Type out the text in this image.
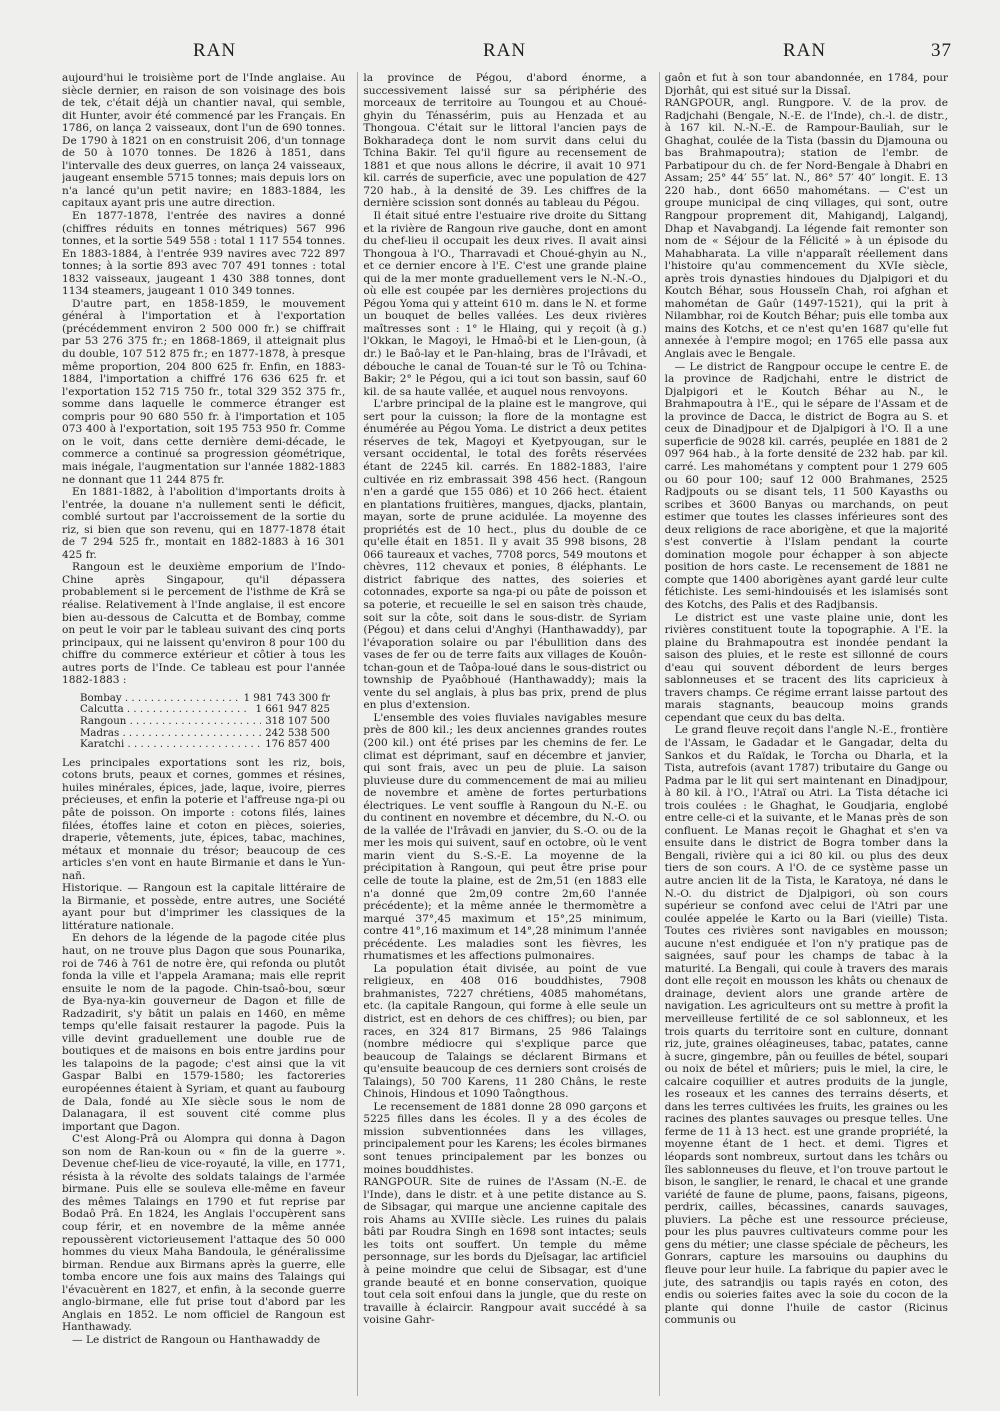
RAN	RAN	RAN	37

aujourd'hui le troisième port de l'Inde anglaise. Au siècle dernier, en raison de son voisinage des bois de tek, c'était déjà un chantier naval, qui semble, dit Hunter, avoir été commencé par les Français. En 1786, on lança 2 vaisseaux, dont l'un de 690 tonnes. De 1790 à 1821 on en construisit 206, d'un tonnage de 50 à 1070 tonnes. De 1826 à 1851, dans l'intervalle des deux guerres, on lança 24 vaisseaux, jaugeant ensemble 5715 tonnes; mais depuis lors on n'a lancé qu'un petit navire; en 1883-1884, les capitaux ayant pris une autre direction.

En 1877-1878, l'entrée des navires a donné (chiffres réduits en tonnes métriques) 567 996 tonnes, et la sortie 549 558 : total 1 117 554 tonnes. En 1883-1884, à l'entrée 939 navires avec 722 897 tonnes; à la sortie 893 avec 707 491 tonnes : total 1832 vaisseaux, jaugeant 1 430 388 tonnes, dont 1134 steamers, jaugeant 1 010 349 tonnes.

D'autre part, en 1858-1859, le mouvement général à l'importation et à l'exportation (précédemment environ 2 500 000 fr.) se chiffrait par 53 276 375 fr.; en 1868-1869, il atteignait plus du double, 107 512 875 fr.; en 1877-1878, à presque même proportion, 204 800 625 fr. Enfin, en 1883-1884, l'importation a chiffré 176 636 625 fr. et l'exportation 152 715 750 fr., total 329 352 375 fr., somme dans laquelle le commerce étranger est compris pour 90 680 550 fr. à l'importation et 105 073 400 à l'exportation, soit 195 753 950 fr. Comme on le voit, dans cette dernière demi-décade, le commerce a continué sa progression géométrique, mais inégale, l'augmentation sur l'année 1882-1883 ne donnant que 11 244 875 fr.

En 1881-1882, à l'abolition d'importants droits à l'entrée, la douane n'a nullement senti le déficit, comblé surtout par l'accroissement de la sortie du riz, si bien que son revenu, qui en 1877-1878 était de 7 294 525 fr., montait en 1882-1883 à 16 301 425 fr.

Rangoun est le deuxième emporium de l'Indo-Chine après Singapour, qu'il dépassera probablement si le percement de l'isthme de Krâ se réalise. Relativement à l'Inde anglaise, il est encore bien au-dessous de Calcutta et de Bombay, comme on peut le voir par le tableau suivant des cinq ports principaux, qui ne laissent qu'environ 8 pour 100 du chiffre du commerce extérieur et côtier à tous les autres ports de l'Inde. Ce tableau est pour l'année 1882-1883 :

Bombay . . .	1 981 743 300 fr
Calcutta . . .	1 661 947 825
Rangoun . . .	318 107 500
Madras . . .	242 538 500
Karatchi . . .	176 857 400

Les principales exportations sont les riz, bois, cotons bruts, peaux et cornes, gommes et résines, huiles minérales, épices, jade, laque, ivoire, pierres précieuses, et enfin la poterie et l'affreuse nga-pi ou pâte de poisson. On importe : cotons filés, laines filées, étoffes laine et coton en pièces, soieries, draperie, vêtements, jute, épices, tabac, machines, métaux et monnaie du trésor; beaucoup de ces articles s'en vont en haute Birmanie et dans le Yun-nañ.

Historique. — Rangoun est la capitale littéraire de la Birmanie, et possède, entre autres, une Société ayant pour but d'imprimer les classiques de la littérature nationale.

En dehors de la légende de la pagode citée plus haut, on ne trouve plus Dagon que sous Pounarika, roi de 746 à 761 de notre ère, qui refonda ou plutôt fonda la ville et l'appela Aramana; mais elle reprit ensuite le nom de la pagode. Chin-tsaô-bou, sœur de Bya-nya-kin gouverneur de Dagon et fille de Radzadirit, s'y bâtit un palais en 1460, en même temps qu'elle faisait restaurer la pagode. Puis la ville devint graduellement une double rue de boutiques et de maisons en bois entre jardins pour les talapoins de la pagode; c'est ainsi que la vit Gaspar Balbi en 1579-1580; les factoreries européennes étaient à Syriam, et quant au faubourg de Dala, fondé au XIe siècle sous le nom de Dalanagara, il est souvent cité comme plus important que Dagon.

C'est Along-Prâ ou Alompra qui donna à Dagon son nom de Ran-koun ou « fin de la guerre ». Devenue chef-lieu de vice-royauté, la ville, en 1771, résista à la révolte des soldats talaings de l'armée birmane. Puis elle se souleva elle-même en faveur des mêmes Talaings en 1790 et fut reprise par Bodaô Prâ. En 1824, les Anglais l'occupèrent sans coup férir, et en novembre de la même année repoussèrent victorieusement l'attaque des 50 000 hommes du vieux Maha Bandoula, le généralissime birman. Rendue aux Birmans après la guerre, elle tomba encore une fois aux mains des Talaings qui l'évacuèrent en 1827, et enfin, à la seconde guerre anglo-birmane, elle fut prise tout d'abord par les Anglais en 1852. Le nom officiel de Rangoun est Hanthawady.

— Le district de Rangoun ou Hanthawaddy de

la province de Pégou, d'abord énorme, a successivement laissé sur sa périphérie des morceaux de territoire au Toungou et au Choué-ghyin du Ténassérim, puis au Henzada et au Thongoua. C'était sur le littoral l'ancien pays de Bokharadeça dont le nom survit dans celui du Tchina Bakir. Tel qu'il figure au recensement de 1881 et que nous allons le décrire, il avait 10 971 kil. carrés de superficie, avec une population de 427 720 hab., à la densité de 39. Les chiffres de la dernière scission sont donnés au tableau du Pégou.

Il était situé entre l'estuaire rive droite du Sittang et la rivière de Rangoun rive gauche, dont en amont du chef-lieu il occupait les deux rives. Il avait ainsi Thongoua à l'O., Tharravadi et Choué-ghyin au N., et ce dernier encore à l'E. C'est une grande plaine qui de la mer monte graduellement vers le N.-N.-O., où elle est coupée par les dernières projections du Pégou Yoma qui y atteint 610 m. dans le N. et forme un bouquet de belles vallées. Les deux rivières maîtresses sont : 1° le Hlaing, qui y reçoit (à g.) l'Okkan, le Magoyi, le Hmaô-bi et le Lien-goun, (à dr.) le Baô-lay et le Pan-hlaing, bras de l'Irâvadi, et débouche le canal de Touan-té sur le Tô ou Tchina-Bakir; 2° le Pégou, qui a ici tout son bassin, sauf 60 kil. de sa haute vallée, et auquel nous renvoyons.

L'arbre principal de la plaine est le mangrove, qui sert pour la cuisson; la flore de la montagne est énumérée au Pégou Yoma. Le district a deux petites réserves de tek, Magoyi et Kyetpyougan, sur le versant occidental, le total des forêts réservées étant de 2245 kil. carrés. En 1882-1883, l'aire cultivée en riz embrassait 398 456 hect. (Rangoun n'en a gardé que 155 086) et 10 266 hect. étaient en plantations fruitières, mangues, djacks, plantain, mayan, sorte de prune acidulée. La moyenne des propriétés est de 10 hect., plus du double de ce qu'elle était en 1851. Il y avait 35 998 bisons, 28 066 taureaux et vaches, 7708 porcs, 549 moutons et chèvres, 112 chevaux et ponies, 8 éléphants. Le district fabrique des nattes, des soieries et cotonnades, exporte sa nga-pi ou pâte de poisson et sa poterie, et recueille le sel en saison très chaude, soit sur la côte, soit dans le sous-distr. de Syriam (Pégou) et dans celui d'Anghyi (Hanthawaddy), par l'évaporation solaire ou par l'ébullition dans des vases de fer ou de terre faits aux villages de Kouôn-tchan-goun et de Taôpa-loué dans le sous-district ou township de Pyaôbhoué (Hanthawaddy); mais la vente du sel anglais, à plus bas prix, prend de plus en plus d'extension.

L'ensemble des voies fluviales navigables mesure près de 800 kil.; les deux anciennes grandes routes (200 kil.) ont été prises par les chemins de fer. Le climat est déprimant, sauf en décembre et janvier, qui sont frais, avec un peu de pluie. La saison pluvieuse dure du commencement de mai au milieu de novembre et amène de fortes perturbations électriques. Le vent souffle à Rangoun du N.-E. ou du continent en novembre et décembre, du N.-O. ou de la vallée de l'Irâvadi en janvier, du S.-O. ou de la mer les mois qui suivent, sauf en octobre, où le vent marin vient du S.-S.-E. La moyenne de la précipitation à Rangoun, qui peut être prise pour celle de toute la plaine, est de 2m,51 (en 1883 elle n'a donné que 2m,09 contre 2m,60 l'année précédente); et la même année le thermomètre a marqué 37°,45 maximum et 15°,25 minimum, contre 41°,16 maximum et 14°,28 minimum l'année précédente. Les maladies sont les fièvres, les rhumatismes et les affections pulmonaires.

La population était divisée, au point de vue religieux, en 408 016 bouddhistes, 7908 brahmanistes, 7227 chrétiens, 4085 mahométans, etc. (la capitale Rangoun, qui forme à elle seule un district, est en dehors de ces chiffres); ou bien, par races, en 324 817 Birmans, 25 986 Talaings (nombre médiocre qui s'explique parce que beaucoup de Talaings se déclarent Birmans et qu'ensuite beaucoup de ces derniers sont croisés de Talaings), 50 700 Karens, 11 280 Châns, le reste Chinois, Hindous et 1090 Taôngthous.

Le recensement de 1881 donne 28 090 garçons et 5225 filles dans les écoles. Il y a des écoles de mission subventionnées dans les villages, principalement pour les Karens; les écoles birmanes sont tenues principalement par les bonzes ou moines bouddhistes.

RANGPOUR. Site de ruines de l'Assam (N.-E. de l'Inde), dans le distr. et à une petite distance au S. de Sibsagar, qui marque une ancienne capitale des rois Ahams au XVIIIe siècle. Les ruines du palais bâti par Roudra Singh en 1698 sont intactes; seuls les toits ont souffert. Un temple du même personnage, sur les bords du Djeîsagar, lac artificiel à peine moindre que celui de Sibsagar, est d'une grande beauté et en bonne conservation, quoique tout cela soit enfoui dans la jungle, que du reste on travaille à éclaircir. Rangpour avait succédé à sa voisine Gahr-

gaôn et fut à son tour abandonnée, en 1784, pour Djorhât, qui est situé sur la Dissaî.

RANGPOUR, angl. Rungpore. V. de la prov. de Radjchahi (Bengale, N.-E. de l'Inde), ch.-l. de distr., à 167 kil. N.-N.-E. de Rampour-Bauliah, sur le Ghaghat, coulée de la Tista (bassin du Djamouna ou bas Brahmapoutra); station de l'embr. de Parbatipour du ch. de fer Nord-Bengale à Dhabri en Assam; 25° 44′ 55″ lat. N., 86° 57′ 40″ longit. E. 13 220 hab., dont 6650 mahométans. — C'est un groupe municipal de cinq villages, qui sont, outre Rangpour proprement dit, Mahigandj, Lalgandj, Dhap et Navabgandj. La légende fait remonter son nom de « Séjour de la Félicité » à un épisode du Mahabharata. La ville n'apparaît réellement dans l'histoire qu'au commencement du XVIe siècle, après trois dynasties hindoues du Djalpigori et du Koutch Béhar, sous Housseïn Chah, roi afghan et mahométan de Gaûr (1497-1521), qui la prit à Nilambhar, roi de Koutch Béhar; puis elle tomba aux mains des Kotchs, et ce n'est qu'en 1687 qu'elle fut annexée à l'empire mogol; en 1765 elle passa aux Anglais avec le Bengale.

— Le district de Rangpour occupe le centre E. de la province de Radjchahi, entre le district de Djalpigori et le Koutch Béhar au N., le Brahmapoutra à l'E., qui le sépare de l'Assam et de la province de Dacca, le district de Bogra au S. et ceux de Dinadjpour et de Djalpigori à l'O. Il a une superficie de 9028 kil. carrés, peuplée en 1881 de 2 097 964 hab., à la forte densité de 232 hab. par kil. carré. Les mahométans y comptent pour 1 279 605 ou 60 pour 100; sauf 12 000 Brahmanes, 2525 Radjpouts ou se disant tels, 11 500 Kayasths ou scribes et 3600 Banyas ou marchands, on peut estimer que toutes les classes inférieures sont des deux religions de race aborigène, et que la majorité s'est convertie à l'Islam pendant la courte domination mogole pour échapper à son abjecte position de hors caste. Le recensement de 1881 ne compte que 1400 aborigènes ayant gardé leur culte fétichiste. Les semi-hindouisés et les islamisés sont des Kotchs, des Palis et des Radjbansis.

Le district est une vaste plaine unie, dont les rivières constituent toute la topographie. A l'E. la plaine du Brahmapoutra est inondée pendant la saison des pluies, et le reste est sillonné de cours d'eau qui souvent débordent de leurs berges sablonneuses et se tracent des lits capricieux à travers champs. Ce régime errant laisse partout des marais stagnants, beaucoup moins grands cependant que ceux du bas delta.

Le grand fleuve reçoit dans l'angle N.-E., frontière de l'Assam, le Gadadar et le Gangadar, delta du Sankos et du Raïdak, le Torcha ou Dharla, et la Tista, autrefois (avant 1787) tributaire du Gange ou Padma par le lit qui sert maintenant en Dinadjpour, à 80 kil. à l'O., l'Atraï ou Atri. La Tista détache ici trois coulées : le Ghaghat, le Goudjaria, englobé entre celle-ci et la suivante, et le Manas près de son confluent. Le Manas reçoit le Ghaghat et s'en va ensuite dans le district de Bogra tomber dans la Bengali, rivière qui a ici 80 kil. ou plus des deux tiers de son cours. A l'O. de ce système passe un autre ancien lit de la Tista, le Karatoya, né dans le N.-O. du district de Djalpigori, où son cours supérieur se confond avec celui de l'Atri par une coulée appelée le Karto ou la Bari (vieille) Tista. Toutes ces rivières sont navigables en mousson; aucune n'est endiguée et l'on n'y pratique pas de saignées, sauf pour les champs de tabac à la maturité. La Bengali, qui coule à travers des marais dont elle reçoit en mousson les khâts ou chenaux de drainage, devient alors une grande artère de navigation. Les agriculteurs ont su mettre à profit la merveilleuse fertilité de ce sol sablonneux, et les trois quarts du territoire sont en culture, donnant riz, jute, graines oléagineuses, tabac, patates, canne à sucre, gingembre, pân ou feuilles de bétel, soupari ou noix de bétel et mûriers; puis le miel, la cire, le calcaire coquillier et autres produits de la jungle, les roseaux et les cannes des terrains déserts, et dans les terres cultivées les fruits, les graines ou les racines des plantes sauvages ou presque telles. Une ferme de 11 à 13 hect. est une grande propriété, la moyenne étant de 1 hect. et demi. Tigres et léopards sont nombreux, surtout dans les tchârs ou îles sablonneuses du fleuve, et l'on trouve partout le bison, le sanglier, le renard, le chacal et une grande variété de faune de plume, paons, faisans, pigeons, perdrix, cailles, bécassines, canards sauvages, pluviers. La pêche est une ressource précieuse, pour les plus pauvres cultivateurs comme pour les gens du métier; une classe spéciale de pêcheurs, les Gonrars, capture les marsouins ou dauphins du fleuve pour leur huile. La fabrique du papier avec le jute, des satrandjis ou tapis rayés en coton, des endis ou soieries faites avec la soie du cocon de la plante qui donne l'huile de castor (Ricinus communis ou
